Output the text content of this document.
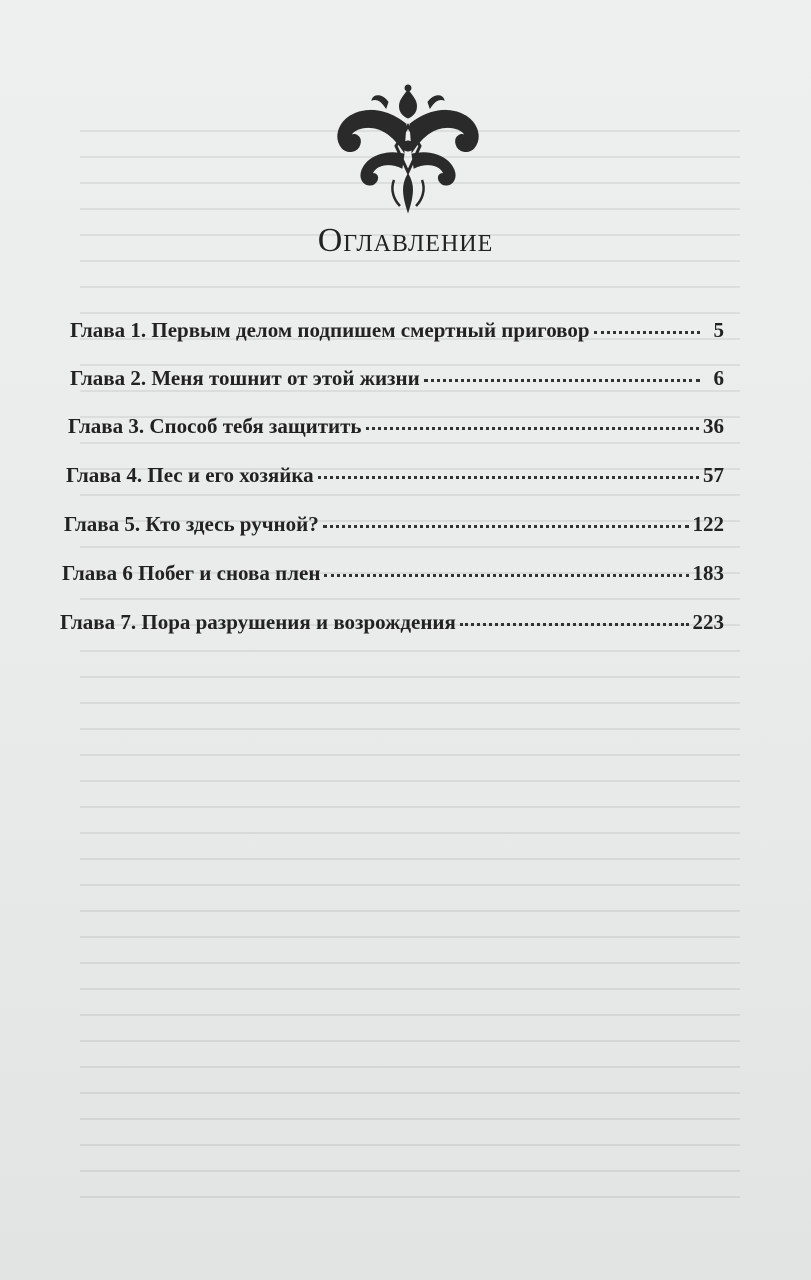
Оглавление
Глава 1. Первым делом подпишем смертный приговор	5
Глава 2. Меня тошнит от этой жизни	6
Глава 3. Способ тебя защитить	36
Глава 4. Пес и его хозяйка	57
Глава 5. Кто здесь ручной?	122
Глава 6 Побег и снова плен	183
Глава 7. Пора разрушения и возрождения	223
